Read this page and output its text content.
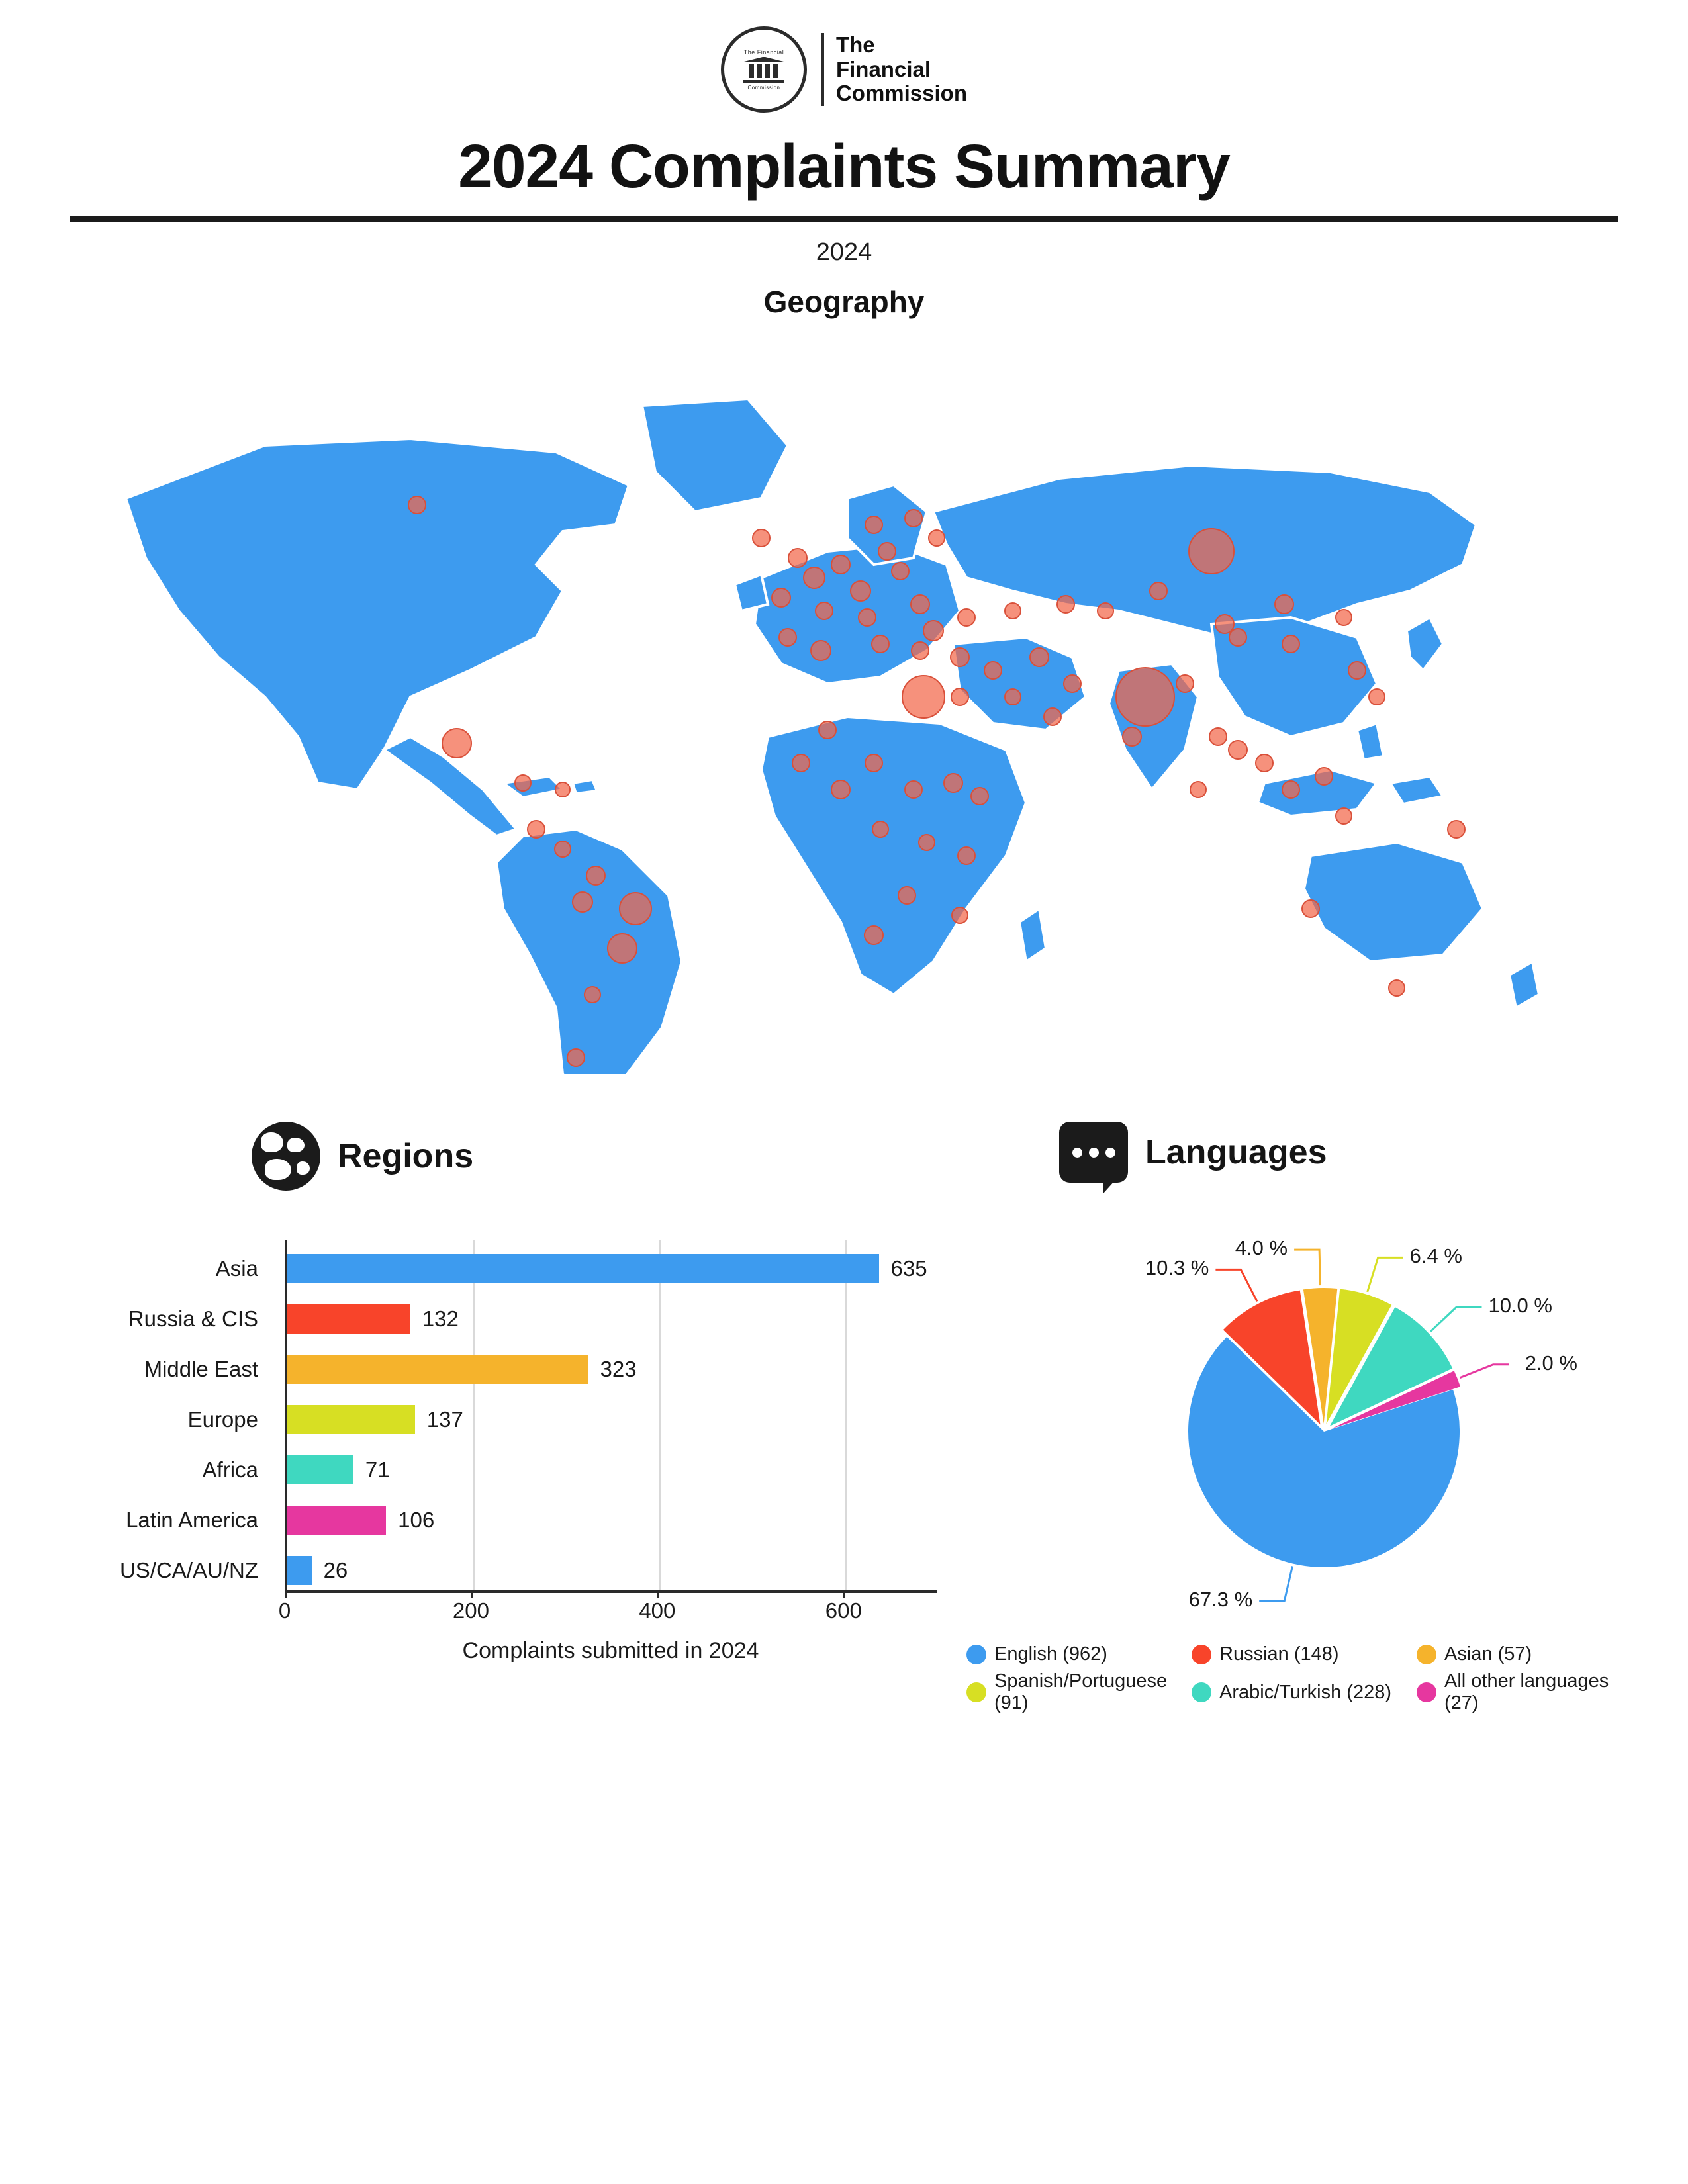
The Financial
Commission
The
Financial
Commission
2024 Complaints Summary
2024
Geography
Regions	Languages
635
132
323
137
71
106
26
0	200	400	600
Complaints submitted in 2024
Asia
Russia & CIS
Middle East
Europe
Africa
Latin America
US/CA/AU/NZ
67.3 %
10.3 %
4.0 %	6.4 %
10.0 %
2.0 %
English (962)	Russian (148)	Asian (57)
Spanish/Portuguese (91)
Arabic/Turkish (228)
All other languages (27)
